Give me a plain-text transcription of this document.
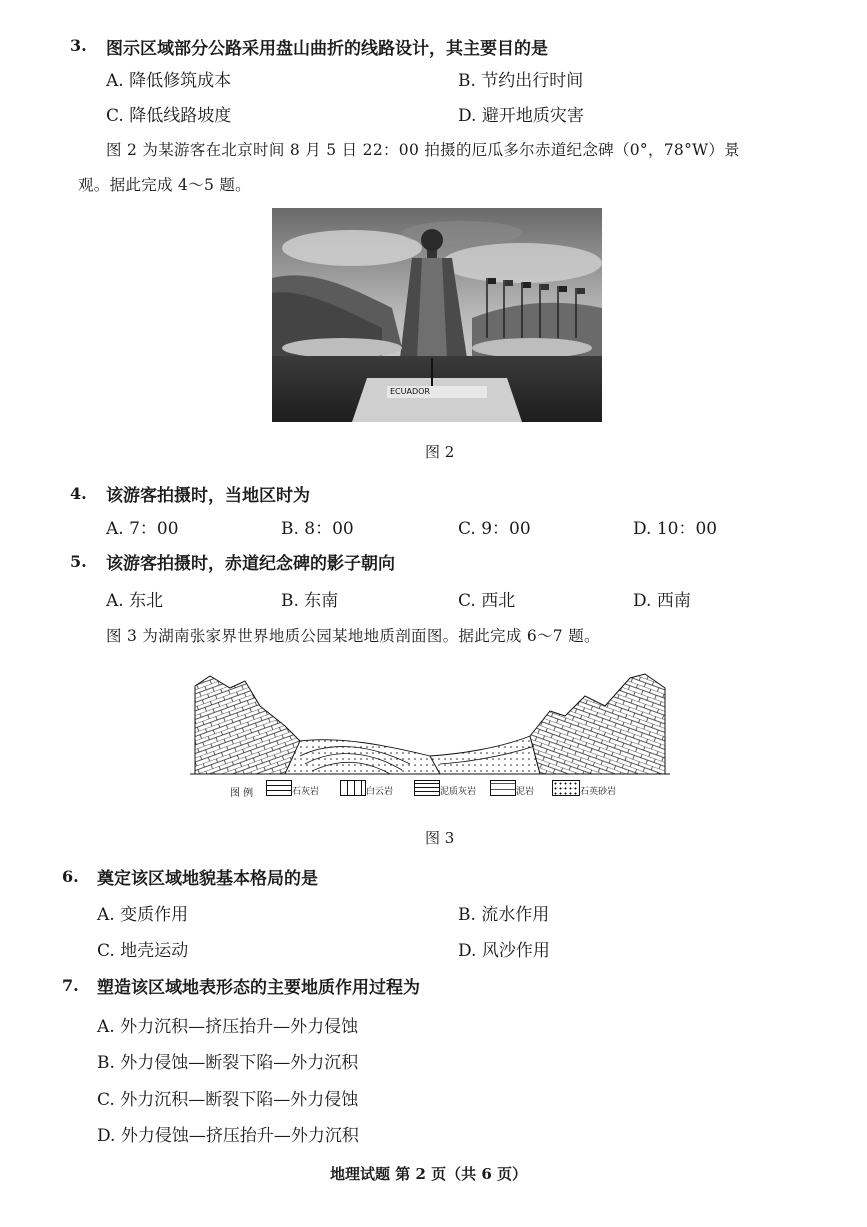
3. 图示区域部分公路采用盘山曲折的线路设计，其主要目的是
A. 降低修筑成本	B. 节约出行时间
C. 降低线路坡度	D. 避开地质灾害
图 2 为某游客在北京时间 8 月 5 日 22：00 拍摄的厄瓜多尔赤道纪念碑（0°，78°W）景
观。据此完成 4～5 题。
ECUADOR
图 2
4. 该游客拍摄时，当地区时为
A. 7：00	B. 8：00	C. 9：00	D. 10：00
5. 该游客拍摄时，赤道纪念碑的影子朝向
A. 东北	B. 东南	C. 西北	D. 西南
图 3 为湖南张家界世界地质公园某地地质剖面图。据此完成 6～7 题。
图 例	石灰岩	白云岩	泥质灰岩	泥岩	石英砂岩
图 3
6. 奠定该区域地貌基本格局的是
A. 变质作用	B. 流水作用
C. 地壳运动	D. 风沙作用
7. 塑造该区域地表形态的主要地质作用过程为
A. 外力沉积—挤压抬升—外力侵蚀
B. 外力侵蚀—断裂下陷—外力沉积
C. 外力沉积—断裂下陷—外力侵蚀
D. 外力侵蚀—挤压抬升—外力沉积
地理试题 第 2 页（共 6 页）
